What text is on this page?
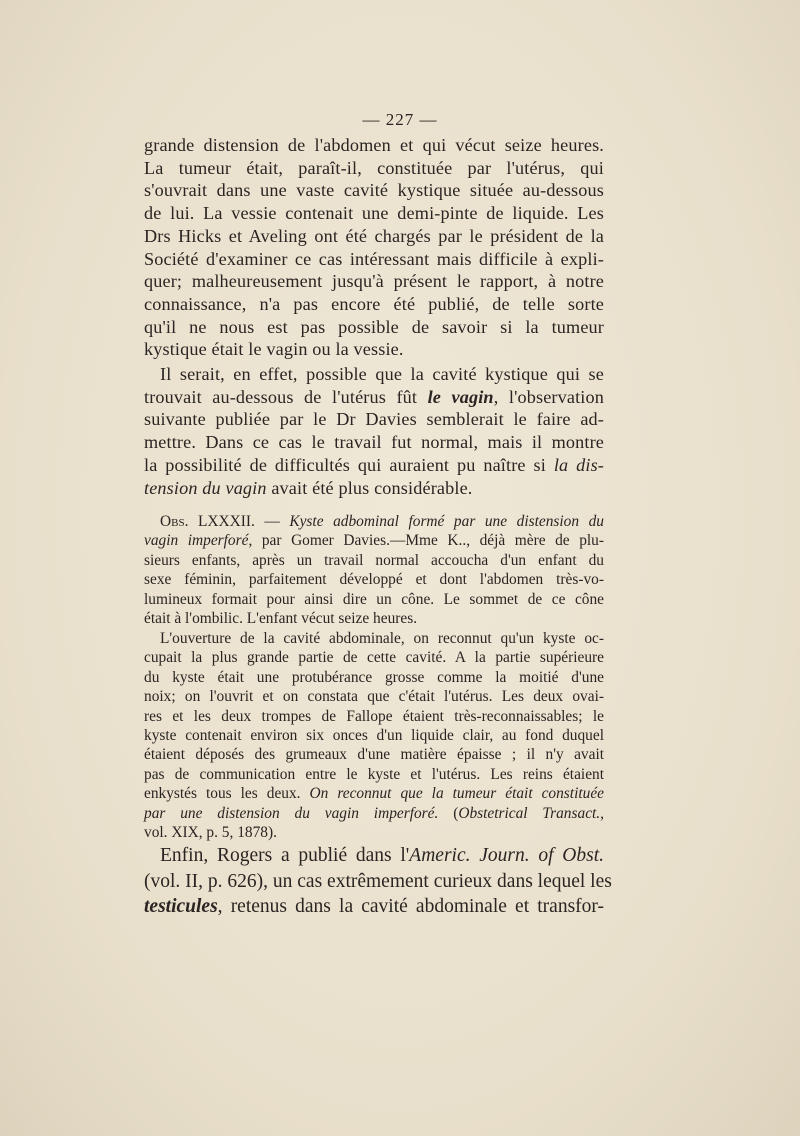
— 227 —
grande distension de l'abdomen et qui vécut seize heures.
La tumeur était, paraît-il, constituée par l'utérus, qui
s'ouvrait dans une vaste cavité kystique située au-dessous
de lui. La vessie contenait une demi-pinte de liquide. Les
Drs Hicks et Aveling ont été chargés par le président de la
Société d'examiner ce cas intéressant mais difficile à expli-
quer; malheureusement jusqu'à présent le rapport, à notre
connaissance, n'a pas encore été publié, de telle sorte
qu'il ne nous est pas possible de savoir si la tumeur
kystique était le vagin ou la vessie.
Il serait, en effet, possible que la cavité kystique qui se
trouvait au-dessous de l'utérus fût le vagin, l'observation
suivante publiée par le Dr Davies semblerait le faire ad-
mettre. Dans ce cas le travail fut normal, mais il montre
la possibilité de difficultés qui auraient pu naître si la dis-
tension du vagin avait été plus considérable.
Obs. LXXXII. — Kyste adbominal formé par une distension du
vagin imperforé, par Gomer Davies.—Mme K.., déjà mère de plu-
sieurs enfants, après un travail normal accoucha d'un enfant du
sexe féminin, parfaitement développé et dont l'abdomen très-vo-
lumineux formait pour ainsi dire un cône. Le sommet de ce cône
était à l'ombilic. L'enfant vécut seize heures.
L'ouverture de la cavité abdominale, on reconnut qu'un kyste oc-
cupait la plus grande partie de cette cavité. A la partie supérieure
du kyste était une protubérance grosse comme la moitié d'une
noix; on l'ouvrit et on constata que c'était l'utérus. Les deux ovai-
res et les deux trompes de Fallope étaient très-reconnaissables; le
kyste contenait environ six onces d'un liquide clair, au fond duquel
étaient déposés des grumeaux d'une matière épaisse ; il n'y avait
pas de communication entre le kyste et l'utérus. Les reins étaient
enkystés tous les deux. On reconnut que la tumeur était constituée
par une distension du vagin imperforé. (Obstetrical Transact.,
vol. XIX, p. 5, 1878).
Enfin, Rogers a publié dans l'Americ. Journ. of Obst.
(vol. II, p. 626), un cas extrêmement curieux dans lequel les
testicules, retenus dans la cavité abdominale et transfor-
